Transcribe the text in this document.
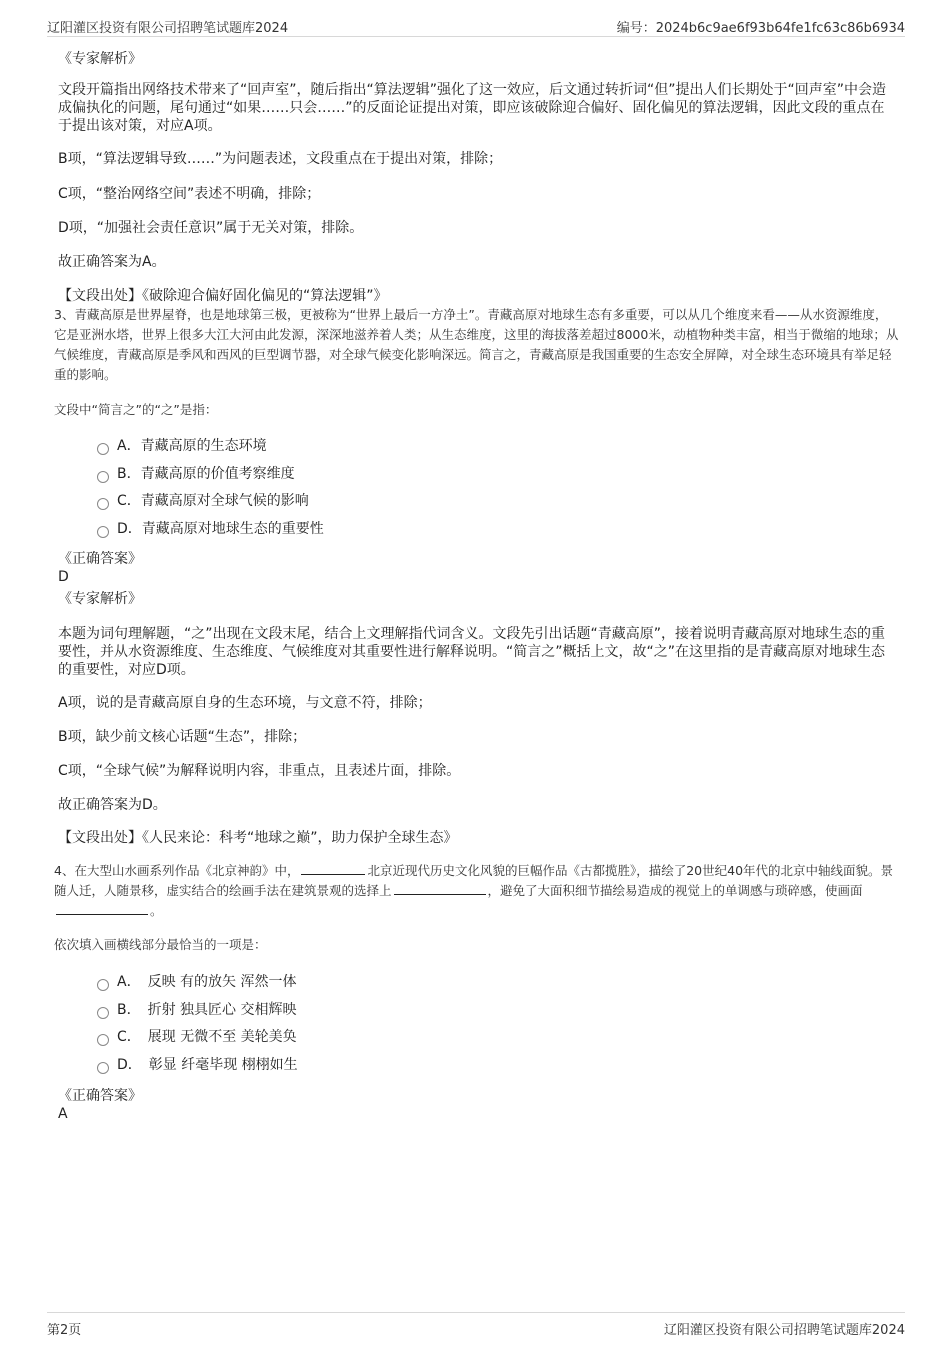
辽阳灌区投资有限公司招聘笔试题库2024	编号：2024b6c9ae6f93b64fe1fc63c86b6934
《专家解析》
文段开篇指出网络技术带来了“回声室”，随后指出“算法逻辑”强化了这一效应，后文通过转折词“但”提出人们长期处于“回声室”中会造成偏执化的问题，尾句通过“如果……只会……”的反面论证提出对策，即应该破除迎合偏好、固化偏见的算法逻辑，因此文段的重点在于提出该对策，对应A项。
B项，“算法逻辑导致……”为问题表述，文段重点在于提出对策，排除；
C项，“整治网络空间”表述不明确，排除；
D项，“加强社会责任意识”属于无关对策，排除。
故正确答案为A。
【文段出处】《破除迎合偏好固化偏见的“算法逻辑”》
3、青藏高原是世界屋脊，也是地球第三极，更被称为“世界上最后一方净土”。青藏高原对地球生态有多重要，可以从几个维度来看——从水资源维度，它是亚洲水塔，世界上很多大江大河由此发源，深深地滋养着人类；从生态维度，这里的海拔落差超过8000米，动植物种类丰富，相当于微缩的地球；从气候维度，青藏高原是季风和西风的巨型调节器，对全球气候变化影响深远。简言之，青藏高原是我国重要的生态安全屏障，对全球生态环境具有举足轻重的影响。
文段中“简言之”的“之”是指：
A．青藏高原的生态环境
B．青藏高原的价值考察维度
C．青藏高原对全球气候的影响
D．青藏高原对地球生态的重要性
《正确答案》
D
《专家解析》
本题为词句理解题，“之”出现在文段末尾，结合上文理解指代词含义。文段先引出话题“青藏高原”，接着说明青藏高原对地球生态的重要性，并从水资源维度、生态维度、气候维度对其重要性进行解释说明。“简言之”概括上文，故“之”在这里指的是青藏高原对地球生态的重要性，对应D项。
A项，说的是青藏高原自身的生态环境，与文意不符，排除；
B项，缺少前文核心话题“生态”，排除；
C项，“全球气候”为解释说明内容，非重点，且表述片面，排除。
故正确答案为D。
【文段出处】《人民来论：科考“地球之巅”，助力保护全球生态》
4、在大型山水画系列作品《北京神韵》中，	北京近现代历史文化风貌的巨幅作品《古都揽胜》，描绘了20世纪40年代的北京中轴线面貌。景随人迁，人随景移，虚实结合的绘画手法在建筑景观的选择上	，避免了大面积细节描绘易造成的视觉上的单调感与琐碎感，使画面。
依次填入画横线部分最恰当的一项是：
A．　反映 有的放矢 浑然一体
B．　折射 独具匠心 交相辉映
C．　展现 无微不至 美轮美奂
D．　彰显 纤毫毕现 栩栩如生
《正确答案》
A
第2页	辽阳灌区投资有限公司招聘笔试题库2024
